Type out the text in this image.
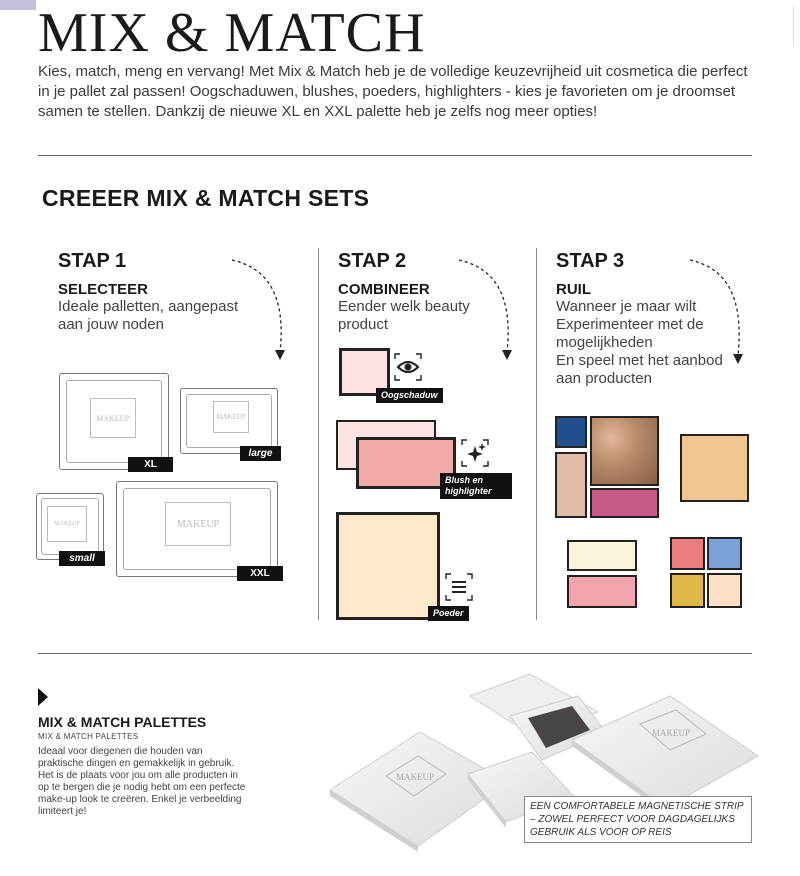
MIX & MATCH

Kies, match, meng en vervang! Met Mix & Match heb je de volledige keuzevrijheid uit cosmetica die perfect in je pallet zal passen! Oogschaduwen, blushes, poeders, highlighters - kies je favorieten om je droomset samen te stellen. Dankzij de nieuwe XL en XXL palette heb je zelfs nog meer opties!

CREEER MIX & MATCH SETS
STAP 1
SELECTEER
Ideale palletten, aangepast
aan jouw noden
STAP 2
COMBINEER
Eender welk beauty
product
STAP 3
RUIL
Wanneer je maar wilt
Experimenteer met de
mogelijkheden
En speel met het aanbod
aan producten
MAKEUP
XL
MAKEUP
large
MAKEUP
small
MAKEUP
XXL
Oogschaduw
Blush en highlighter
Poeder
MIX & MATCH PALETTES
MIX & MATCH PALETTES
Ideaal voor diegenen die houden van praktische dingen en gemakkelijk in gebruik. Het is de plaats voor jou om alle producten in op te bergen die je nodig hebt om een perfecte make-up look te creëren. Enkel je verbeelding limiteert je!
MAKEUP
MAKEUP
EEN COMFORTABELE MAGNETISCHE STRIP – ZOWEL PERFECT VOOR DAGDAGELIJKS GEBRUIK ALS VOOR OP REIS
